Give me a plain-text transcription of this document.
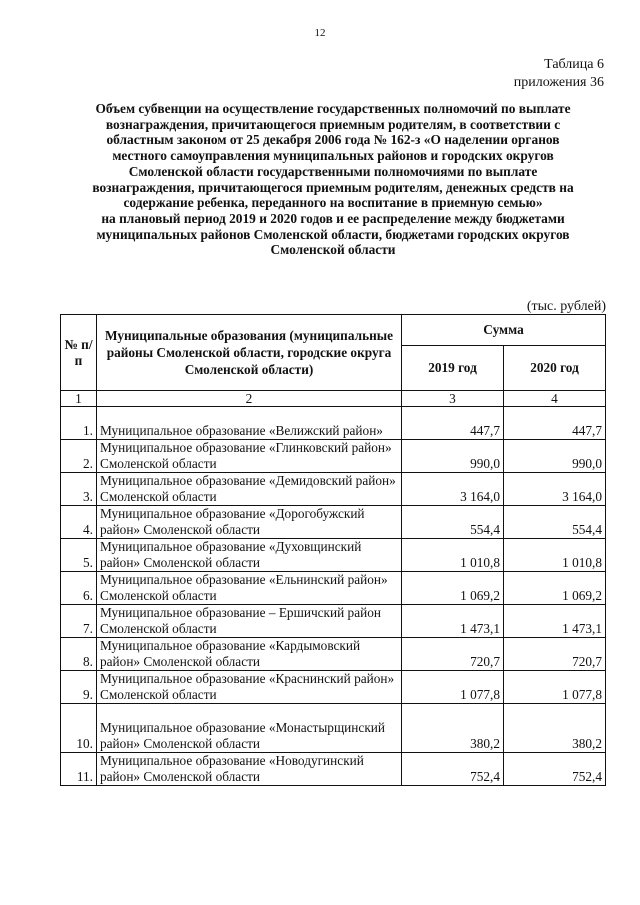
12
Таблица 6
приложения 36
Объем субвенции на осуществление государственных полномочий по выплате
вознаграждения, причитающегося приемным родителям, в соответствии с
областным законом от 25 декабря 2006 года № 162-з «О наделении органов
местного самоуправления муниципальных районов и городских округов
Смоленской области государственными полномочиями по выплате
вознаграждения, причитающегося приемным родителям, денежных средств на
содержание ребенка, переданного на воспитание в приемную семью»
на плановый период 2019 и 2020 годов и ее распределение между бюджетами
муниципальных районов Смоленской области, бюджетами городских округов
Смоленской области
(тыс. рублей)
№ п/п	Муниципальные образования (муниципальные районы Смоленской области, городские округа Смоленской области)	Сумма	
		2019 год	2020 год
1	2	3	4
1.	Муниципальное образование «Велижский район»	447,7	447,7
2.	Муниципальное образование «Глинковский район» Смоленской области	990,0	990,0
3.	Муниципальное образование «Демидовский район» Смоленской области	3 164,0	3 164,0
4.	Муниципальное образование «Дорогобужский район» Смоленской области	554,4	554,4
5.	Муниципальное образование «Духовщинский район» Смоленской области	1 010,8	1 010,8
6.	Муниципальное образование «Ельнинский район» Смоленской области	1 069,2	1 069,2
7.	Муниципальное образование – Ершичский район Смоленской области	1 473,1	1 473,1
8.	Муниципальное образование «Кардымовский район» Смоленской области	720,7	720,7
9.	Муниципальное образование «Краснинский район» Смоленской области	1 077,8	1 077,8
10.	Муниципальное образование «Монастырщинский район» Смоленской области	380,2	380,2
11.	Муниципальное образование «Новодугинский район» Смоленской области	752,4	752,4
